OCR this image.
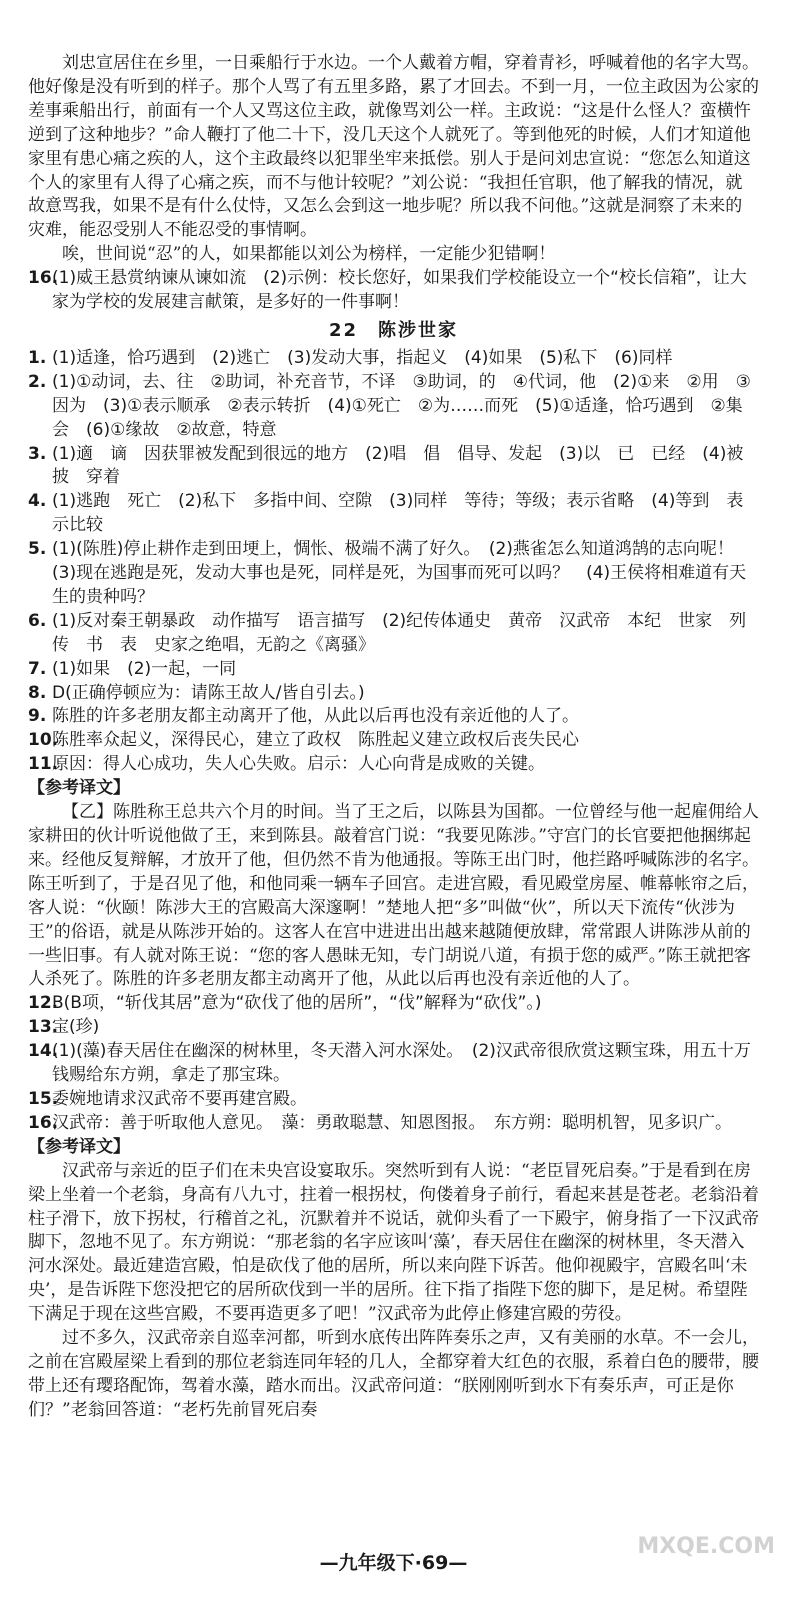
刘忠宣居住在乡里，一日乘船行于水边。一个人戴着方帽，穿着青衫，呼喊着他的名字大骂。他好像是没有听到的样子。那个人骂了有五里多路，累了才回去。不到一月，一位主政因为公家的差事乘船出行，前面有一个人又骂这位主政，就像骂刘公一样。主政说：“这是什么怪人？蛮横忤逆到了这种地步？”命人鞭打了他二十下，没几天这个人就死了。等到他死的时候，人们才知道他家里有患心痛之疾的人，这个主政最终以犯罪坐牢来抵偿。别人于是问刘忠宣说：“您怎么知道这个人的家里有人得了心痛之疾，而不与他计较呢？”刘公说：“我担任官职，他了解我的情况，就故意骂我，如果不是有什么仗恃，又怎么会到这一地步呢？所以我不问他。”这就是洞察了未来的灾难，能忍受别人不能忍受的事情啊。

唉，世间说“忍”的人，如果都能以刘公为榜样，一定能少犯错啊！

16.
(1)威王悬赏纳谏从谏如流　(2)示例：校长您好，如果我们学校能设立一个“校长信箱”，让大家为学校的发展建言献策，是多好的一件事啊！
22　陈涉世家
1. (1)适逢，恰巧遇到　(2)逃亡　(3)发动大事，指起义　(4)如果　(5)私下　(6)同样
2. (1)①动词，去、往　②助词，补充音节，不译　③助词，的　④代词，他　(2)①来　②用　③因为　(3)①表示顺承　②表示转折　(4)①死亡　②为……而死　(5)①适逢，恰巧遇到　②集会　(6)①缘故　②故意，特意
3. (1)適　谪　因获罪被发配到很远的地方　(2)唱　倡　倡导、发起　(3)以　已　已经　(4)被　披　穿着
4. (1)逃跑　死亡　(2)私下　多指中间、空隙　(3)同样　等待；等级；表示省略　(4)等到　表示比较
5. (1)(陈胜)停止耕作走到田埂上，惆怅、极端不满了好久。　(2)燕雀怎么知道鸿鹄的志向呢！　(3)现在逃跑是死，发动大事也是死，同样是死，为国事而死可以吗？　(4)王侯将相难道有天生的贵种吗？
6. (1)反对秦王朝暴政　动作描写　语言描写　(2)纪传体通史　黄帝　汉武帝　本纪　世家　列传　书　表　史家之绝唱，无韵之《离骚》
7. (1)如果　(2)一起，一同
8. D(正确停顿应为：请陈王故人/皆自引去。)
9. 陈胜的许多老朋友都主动离开了他，从此以后再也没有亲近他的人了。
10.
陈胜率众起义，深得民心，建立了政权　陈胜起义建立政权后丧失民心
11.
原因：得人心成功，失人心失败。启示：人心向背是成败的关键。

【参考译文】

【乙】陈胜称王总共六个月的时间。当了王之后，以陈县为国都。一位曾经与他一起雇佣给人家耕田的伙计听说他做了王，来到陈县。敲着宫门说：“我要见陈涉。”守宫门的长官要把他捆绑起来。经他反复辩解，才放开了他，但仍然不肯为他通报。等陈王出门时，他拦路呼喊陈涉的名字。陈王听到了，于是召见了他，和他同乘一辆车子回宫。走进宫殿，看见殿堂房屋、帷幕帐帘之后，客人说：“伙颐！陈涉大王的宫殿高大深邃啊！”楚地人把“多”叫做“伙”，所以天下流传“伙涉为王”的俗语，就是从陈涉开始的。这客人在宫中进进出出越来越随便放肆，常常跟人讲陈涉从前的一些旧事。有人就对陈王说：“您的客人愚昧无知，专门胡说八道，有损于您的威严。”陈王就把客人杀死了。陈胜的许多老朋友都主动离开了他，从此以后再也没有亲近他的人了。

12.
B(B项，“斩伐其居”意为“砍伐了他的居所”，“伐”解释为“砍伐”。)
13.
宝(珍)
14.
(1)(藻)春天居住在幽深的树林里，冬天潜入河水深处。　(2)汉武帝很欣赏这颗宝珠，用五十万钱赐给东方朔，拿走了那宝珠。
15.
委婉地请求汉武帝不要再建宫殿。
16.
汉武帝：善于听取他人意见。　藻：勇敢聪慧、知恩图报。　东方朔：聪明机智，见多识广。

【参考译文】

汉武帝与亲近的臣子们在未央宫设宴取乐。突然听到有人说：“老臣冒死启奏。”于是看到在房梁上坐着一个老翁，身高有八九寸，拄着一根拐杖，佝偻着身子前行，看起来甚是苍老。老翁沿着柱子滑下，放下拐杖，行稽首之礼，沉默着并不说话，就仰头看了一下殿宇，俯身指了一下汉武帝脚下，忽地不见了。东方朔说：“那老翁的名字应该叫‘藻’，春天居住在幽深的树林里，冬天潜入河水深处。最近建造宫殿，怕是砍伐了他的居所，所以来向陛下诉苦。他仰视殿宇，宫殿名叫‘未央’，是告诉陛下您没把它的居所砍伐到一半的居所。往下指了指陛下您的脚下，是足树。希望陛下满足于现在这些宫殿，不要再造更多了吧！”汉武帝为此停止修建宫殿的劳役。

过不多久，汉武帝亲自巡幸河都，听到水底传出阵阵奏乐之声，又有美丽的水草。不一会儿，之前在宫殿屋梁上看到的那位老翁连同年轻的几人，全都穿着大红色的衣服，系着白色的腰带，腰带上还有璎珞配饰，驾着水藻，踏水而出。汉武帝问道：“朕刚刚听到水下有奏乐声，可正是你们？”老翁回答道：“老朽先前冒死启奏

—九年级下·69—
MXQE.COM
